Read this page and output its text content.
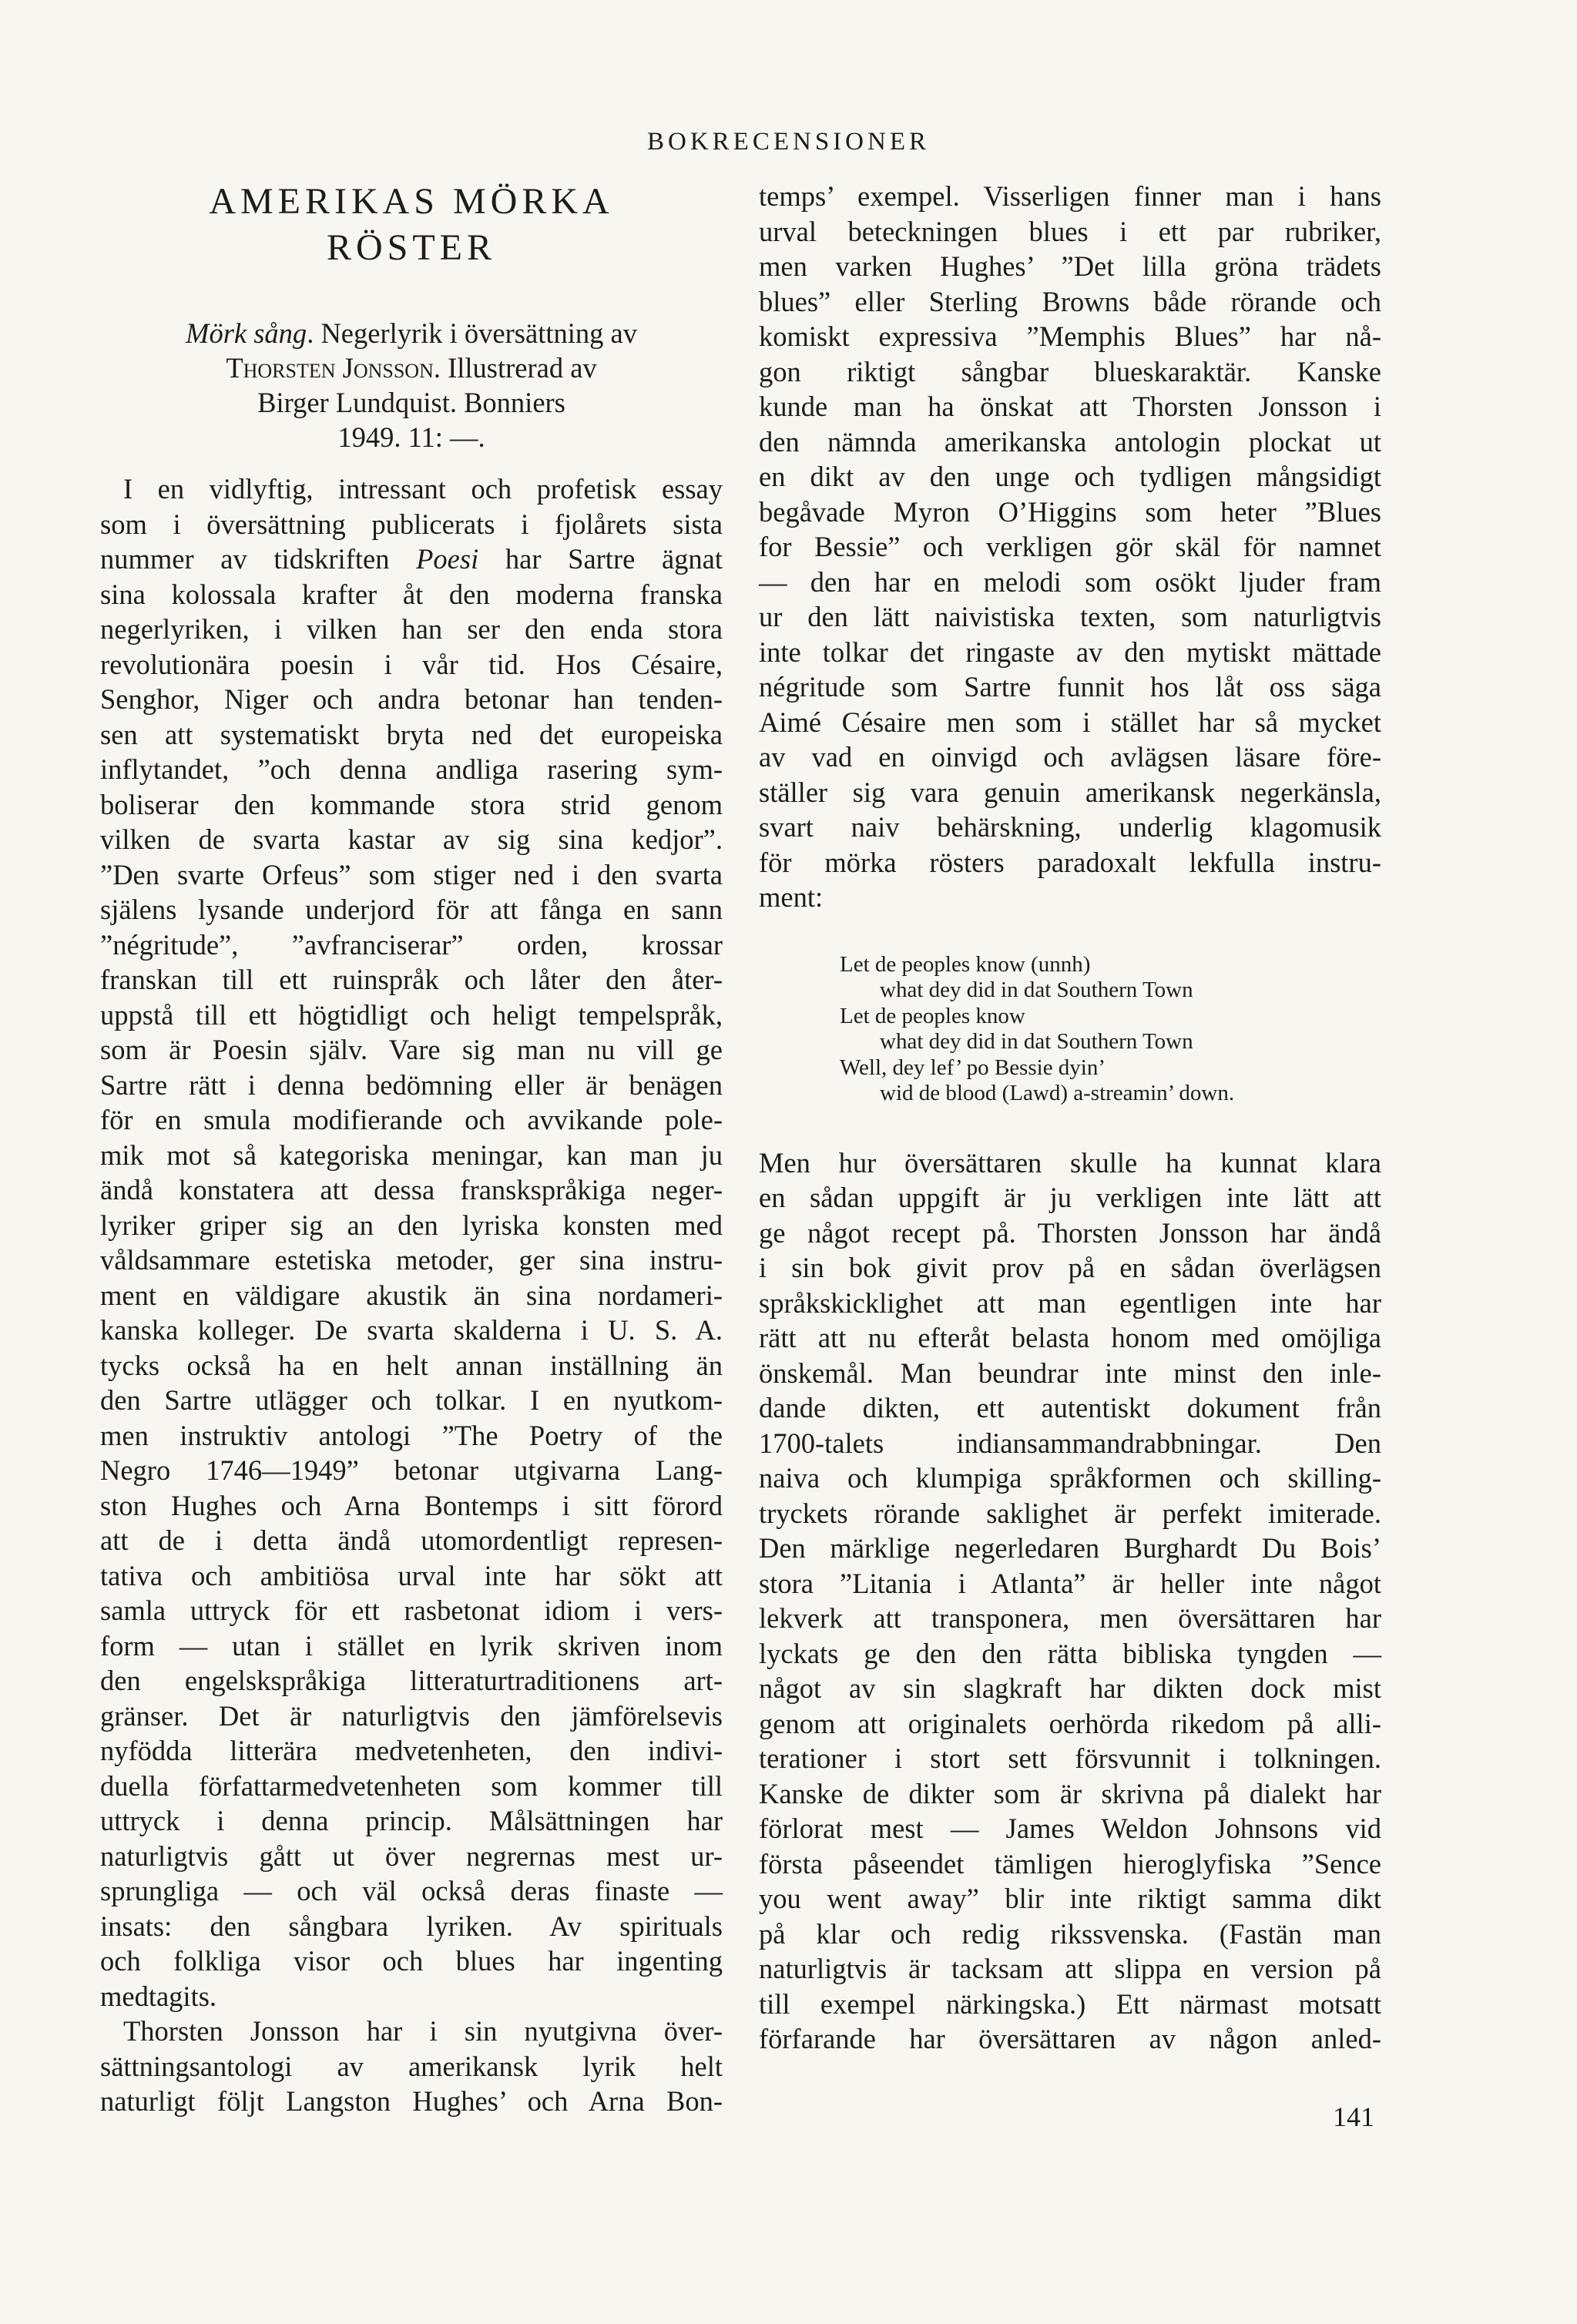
BOKRECENSIONER
AMERIKAS MÖRKA
RÖSTER
Mörk sång. Negerlyrik i översättning av
Thorsten Jonsson. Illustrerad av
Birger Lundquist. Bonniers
1949. 11: —.
I en vidlyftig, intressant och profetisk essay
som i översättning publicerats i fjolårets sista
nummer av tidskriften Poesi har Sartre ägnat
sina kolossala krafter åt den moderna franska
negerlyriken, i vilken han ser den enda stora
revolutionära poesin i vår tid. Hos Césaire,
Senghor, Niger och andra betonar han tenden-
sen att systematiskt bryta ned det europeiska
inflytandet, ”och denna andliga rasering sym-
boliserar den kommande stora strid genom
vilken de svarta kastar av sig sina kedjor”.
”Den svarte Orfeus” som stiger ned i den svarta
själens lysande underjord för att fånga en sann
”négritude”, ”avfranciserar” orden, krossar
franskan till ett ruinspråk och låter den åter-
uppstå till ett högtidligt och heligt tempelspråk,
som är Poesin själv. Vare sig man nu vill ge
Sartre rätt i denna bedömning eller är benägen
för en smula modifierande och avvikande pole-
mik mot så kategoriska meningar, kan man ju
ändå konstatera att dessa franskspråkiga neger-
lyriker griper sig an den lyriska konsten med
våldsammare estetiska metoder, ger sina instru-
ment en väldigare akustik än sina nordameri-
kanska kolleger. De svarta skalderna i U. S. A.
tycks också ha en helt annan inställning än
den Sartre utlägger och tolkar. I en nyutkom-
men instruktiv antologi ”The Poetry of the
Negro 1746—1949” betonar utgivarna Lang-
ston Hughes och Arna Bontemps i sitt förord
att de i detta ändå utomordentligt represen-
tativa och ambitiösa urval inte har sökt att
samla uttryck för ett rasbetonat idiom i vers-
form — utan i stället en lyrik skriven inom
den engelskspråkiga litteraturtraditionens art-
gränser. Det är naturligtvis den jämförelsevis
nyfödda litterära medvetenheten, den indivi-
duella författarmedvetenheten som kommer till
uttryck i denna princip. Målsättningen har
naturligtvis gått ut över negrernas mest ur-
sprungliga — och väl också deras finaste —
insats: den sångbara lyriken. Av spirituals
och folkliga visor och blues har ingenting
medtagits.
Thorsten Jonsson har i sin nyutgivna över-
sättningsantologi av amerikansk lyrik helt
naturligt följt Langston Hughes’ och Arna Bon-
temps’ exempel. Visserligen finner man i hans
urval beteckningen blues i ett par rubriker,
men varken Hughes’ ”Det lilla gröna trädets
blues” eller Sterling Browns både rörande och
komiskt expressiva ”Memphis Blues” har nå-
gon riktigt sångbar blueskaraktär. Kanske
kunde man ha önskat att Thorsten Jonsson i
den nämnda amerikanska antologin plockat ut
en dikt av den unge och tydligen mångsidigt
begåvade Myron O’Higgins som heter ”Blues
for Bessie” och verkligen gör skäl för namnet
— den har en melodi som osökt ljuder fram
ur den lätt naivistiska texten, som naturligtvis
inte tolkar det ringaste av den mytiskt mättade
négritude som Sartre funnit hos låt oss säga
Aimé Césaire men som i stället har så mycket
av vad en oinvigd och avlägsen läsare före-
ställer sig vara genuin amerikansk negerkänsla,
svart naiv behärskning, underlig klagomusik
för mörka rösters paradoxalt lekfulla instru-
ment:
Let de peoples know (unnh)
what dey did in dat Southern Town
Let de peoples know
what dey did in dat Southern Town
Well, dey lef’ po Bessie dyin’
wid de blood (Lawd) a-streamin’ down.
Men hur översättaren skulle ha kunnat klara
en sådan uppgift är ju verkligen inte lätt att
ge något recept på. Thorsten Jonsson har ändå
i sin bok givit prov på en sådan överlägsen
språkskicklighet att man egentligen inte har
rätt att nu efteråt belasta honom med omöjliga
önskemål. Man beundrar inte minst den inle-
dande dikten, ett autentiskt dokument från
1700-talets indiansammandrabbningar. Den
naiva och klumpiga språkformen och skilling-
tryckets rörande saklighet är perfekt imiterade.
Den märklige negerledaren Burghardt Du Bois’
stora ”Litania i Atlanta” är heller inte något
lekverk att transponera, men översättaren har
lyckats ge den den rätta bibliska tyngden —
något av sin slagkraft har dikten dock mist
genom att originalets oerhörda rikedom på alli-
terationer i stort sett försvunnit i tolkningen.
Kanske de dikter som är skrivna på dialekt har
förlorat mest — James Weldon Johnsons vid
första påseendet tämligen hieroglyfiska ”Sence
you went away” blir inte riktigt samma dikt
på klar och redig rikssvenska. (Fastän man
naturligtvis är tacksam att slippa en version på
till exempel närkingska.) Ett närmast motsatt
förfarande har översättaren av någon anled-
141
